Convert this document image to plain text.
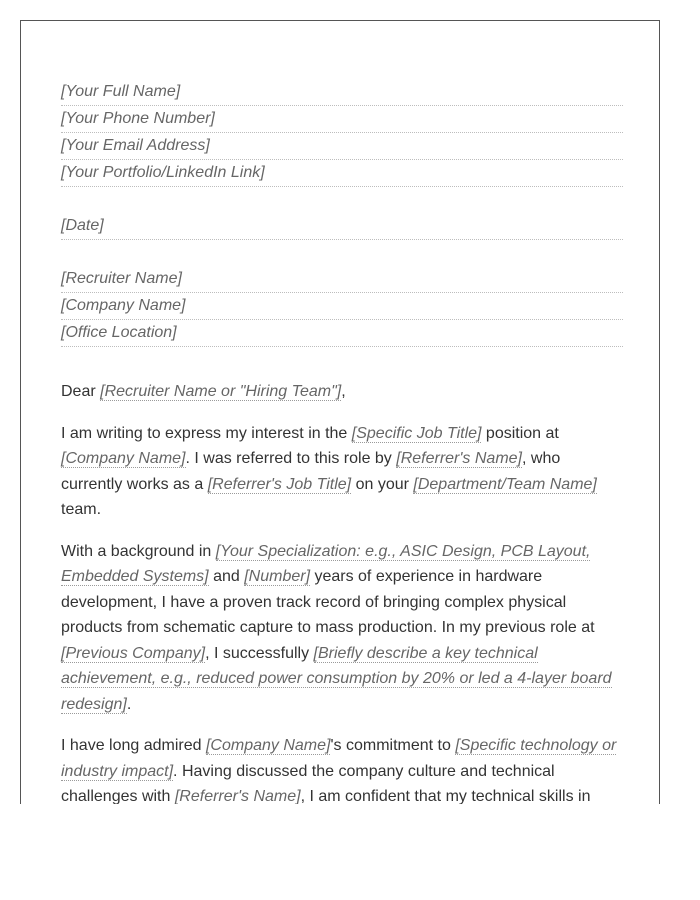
[Your Full Name]
[Your Phone Number]
[Your Email Address]
[Your Portfolio/LinkedIn Link]
[Date]
[Recruiter Name]
[Company Name]
[Office Location]

Dear [Recruiter Name or "Hiring Team"],

I am writing to express my interest in the [Specific Job Title] position at [Company Name]. I was referred to this role by [Referrer's Name], who currently works as a [Referrer's Job Title] on your [Department/Team Name] team.

With a background in [Your Specialization: e.g., ASIC Design, PCB Layout, Embedded Systems] and [Number] years of experience in hardware development, I have a proven track record of bringing complex physical products from schematic capture to mass production. In my previous role at [Previous Company], I successfully [Briefly describe a key technical achievement, e.g., reduced power consumption by 20% or led a 4-layer board redesign].

I have long admired [Company Name]'s commitment to [Specific technology or industry impact]. Having discussed the company culture and technical challenges with [Referrer's Name], I am confident that my technical skills in
